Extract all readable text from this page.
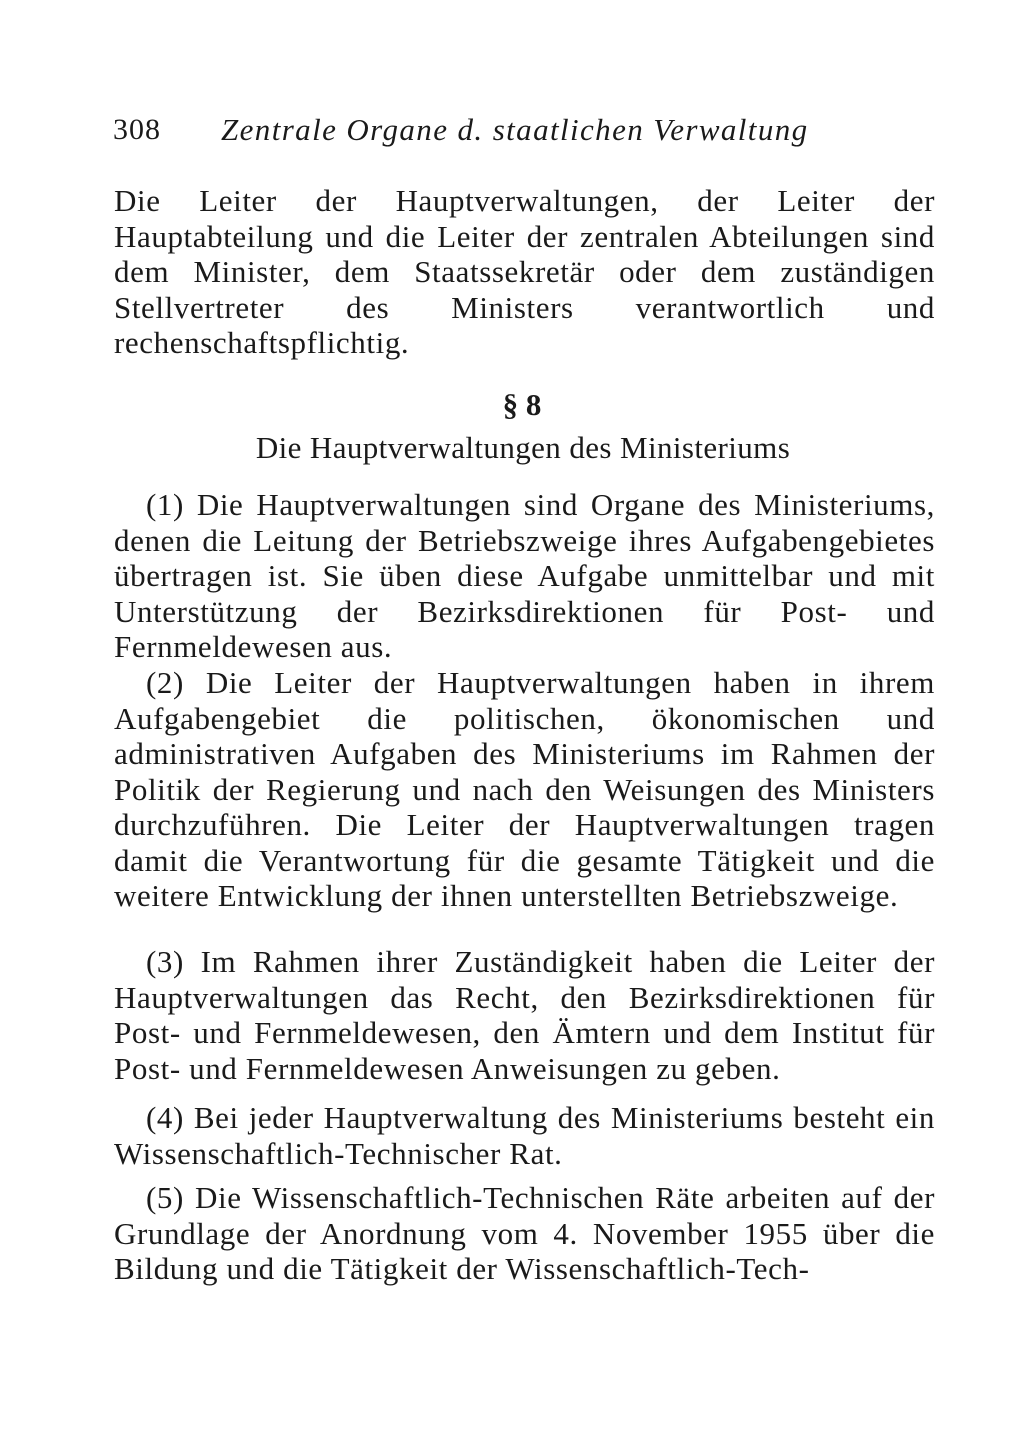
308 Zentrale Organe d. staatlichen Verwaltung

Die Leiter der Hauptverwaltungen, der Leiter der Hauptabteilung und die Leiter der zentralen Abteilungen sind dem Minister, dem Staatssekretär oder dem zuständigen Stellvertreter des Ministers verantwortlich und rechenschaftspflichtig.

§ 8
Die Hauptverwaltungen des Ministeriums

(1) Die Hauptverwaltungen sind Organe des Ministeriums, denen die Leitung der Betriebszweige ihres Aufgabengebietes übertragen ist. Sie üben diese Aufgabe unmittelbar und mit Unterstützung der Bezirksdirektionen für Post- und Fernmeldewesen aus.

(2) Die Leiter der Hauptverwaltungen haben in ihrem Aufgabengebiet die politischen, ökonomischen und administrativen Aufgaben des Ministeriums im Rahmen der Politik der Regierung und nach den Weisungen des Ministers durchzuführen. Die Leiter der Hauptverwaltungen tragen damit die Verantwortung für die gesamte Tätigkeit und die weitere Entwicklung der ihnen unterstellten Betriebszweige.

(3) Im Rahmen ihrer Zuständigkeit haben die Leiter der Hauptverwaltungen das Recht, den Bezirksdirektionen für Post- und Fernmeldewesen, den Ämtern und dem Institut für Post- und Fernmeldewesen Anweisungen zu geben.

(4) Bei jeder Hauptverwaltung des Ministeriums besteht ein Wissenschaftlich-Technischer Rat.

(5) Die Wissenschaftlich-Technischen Räte arbeiten auf der Grundlage der Anordnung vom 4. November 1955 über die Bildung und die Tätigkeit der Wissenschaftlich-Tech-
